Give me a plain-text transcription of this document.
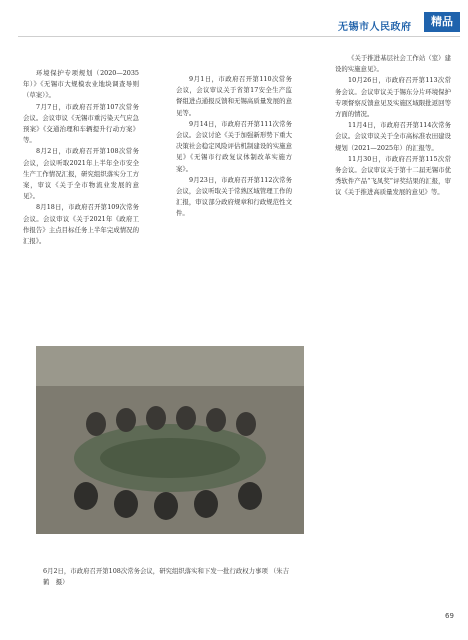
无锡市人民政府	精品

环境保护专项规划（2020—2035年）》《无锡市大规模农业地块调查导则（草案）》。

7月7日，市政府召开第107次常务会议。会议审议《无锡市重污染天气应急预案》《交通治理和车辆提升行动方案》等。

8月2日，市政府召开第108次常务会议，会议听取2021年上半年全市安全生产工作情况汇报，研究组织落实分工方案，审议《关于全市物流业发展的意见》。

8月18日，市政府召开第109次常务会议。会议审议《关于2021年《政府工作报告》主点目标任务上半年完成情况的汇报》。

9月1日，市政府召开第110次常务会议，会议审议关于省第17安全生产监督组进点通报反馈和无锡高质量发展的意见等。

9月14日，市政府召开第111次常务会议。会议讨论《关于加强新形势下重大决策社会稳定风险评估机制建设的实施意见》《无锡市行政复议体制改革实施方案》。

9月23日，市政府召开第112次常务会议，会议听取关于常熟区域管理工作的汇报，审议部分政府规章和行政规范性文件。

《关于推进基层社会工作站（室）建设的实施意见》。

10月26日，市政府召开第113次常务会议。会议审议关于锡东分片环境保护专项督察反馈意见及实施区域限批返回等方面的情况。

11月4日，市政府召开第114次常务会议。会议审议关于全市高标准农田建设规划（2021—2025年）的汇报等。

11月30日，市政府召开第115次常务会议。会议审议关于第十二届无锡市优秀软件产品“飞凤奖”评奖结果的汇报，审议《关于推进高质量发展的意见》等。

6月2日，市政府召开第108次常务会议，研究组织落实和下发一批行政权力事项 （朱吉鹤　摄）
69
